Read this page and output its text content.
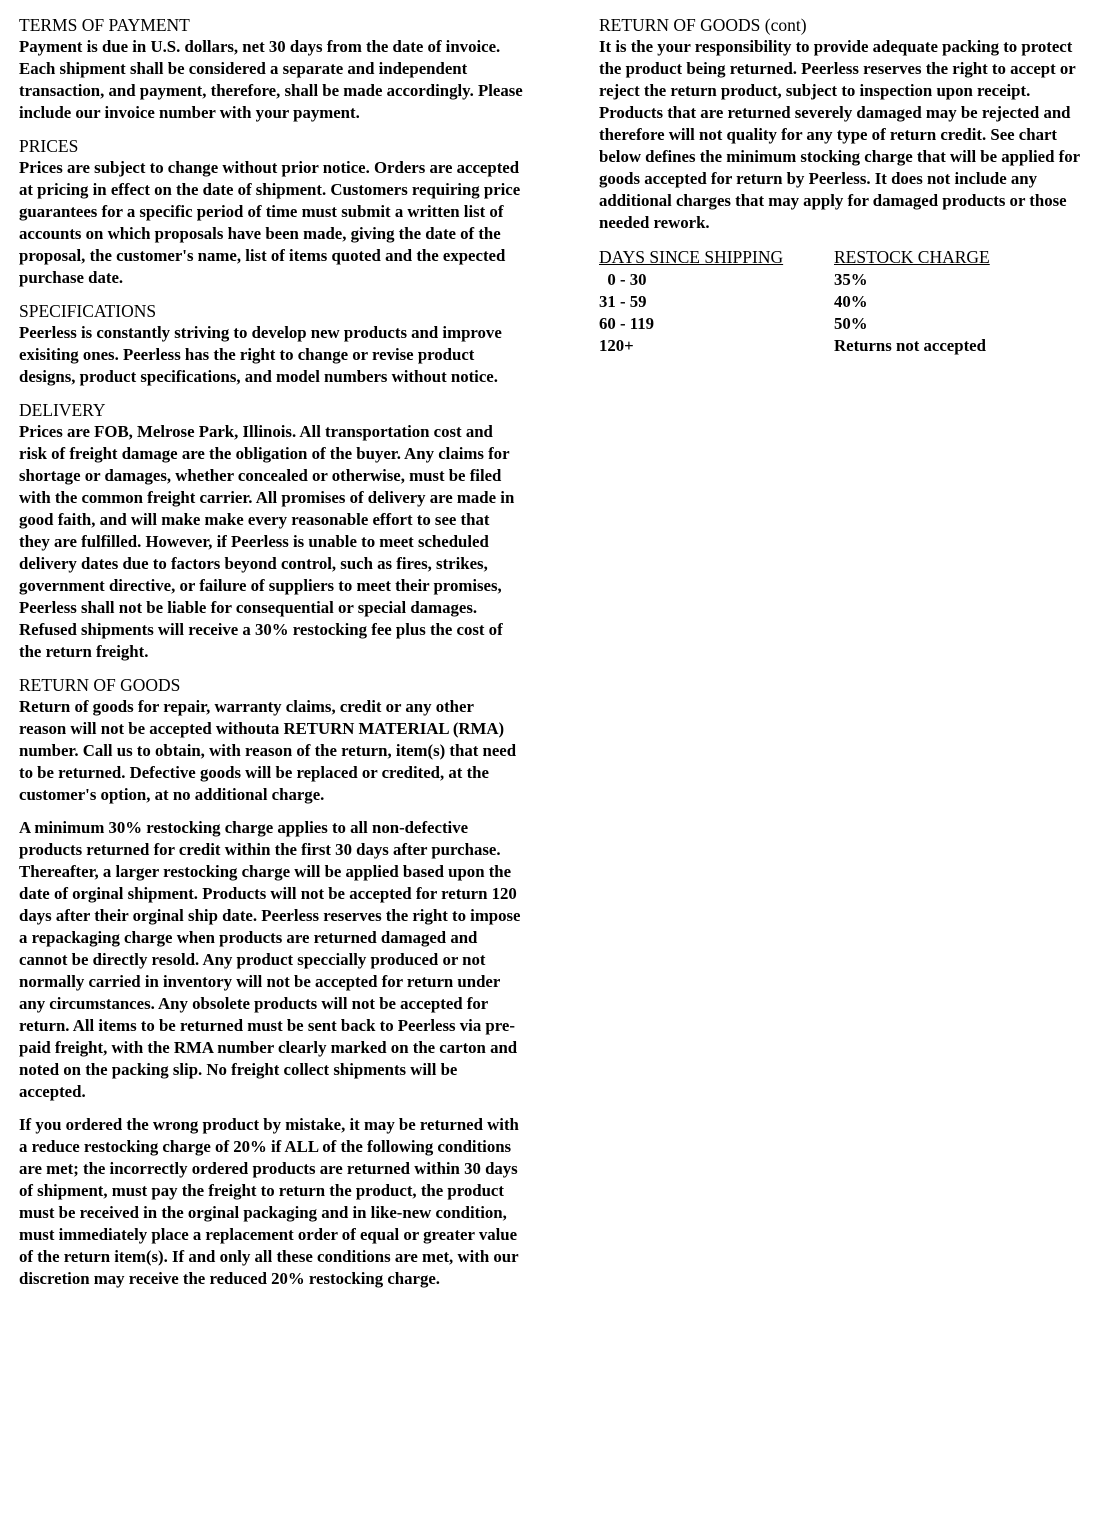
TERMS OF PAYMENT

Payment is due in U.S. dollars, net 30 days from the date of invoice. Each shipment shall be considered a separate and independent transaction, and payment, therefore, shall be made accordingly. Please include our invoice number with your payment.

PRICES

Prices are subject to change without prior notice. Orders are accepted at pricing in effect on the date of shipment. Customers requiring price guarantees for a specific period of time must submit a written list of accounts on which proposals have been made, giving the date of the proposal, the customer's name, list of items quoted and the expected purchase date.

SPECIFICATIONS

Peerless is constantly striving to develop new products and improve exisiting ones. Peerless has the right to change or revise product designs, product specifications, and model numbers without notice.

DELIVERY

Prices are FOB, Melrose Park, Illinois. All transportation cost and risk of freight damage are the obligation of the buyer. Any claims for shortage or damages, whether concealed or otherwise, must be filed with the common freight carrier. All promises of delivery are made in good faith, and will make make every reasonable effort to see that they are fulfilled. However, if Peerless is unable to meet scheduled delivery dates due to factors beyond control, such as fires, strikes, government directive, or failure of suppliers to meet their promises, Peerless shall not be liable for consequential or special damages. Refused shipments will receive a 30% restocking fee plus the cost of the return freight.

RETURN OF GOODS

Return of goods for repair, warranty claims, credit or any other reason will not be accepted withouta RETURN MATERIAL (RMA) number. Call us to obtain, with reason of the return, item(s) that need to be returned. Defective goods will be replaced or credited, at the customer's option, at no additional charge.

A minimum 30% restocking charge applies to all non-defective products returned for credit within the first 30 days after purchase. Thereafter, a larger restocking charge will be applied based upon the date of orginal shipment. Products will not be accepted for return 120 days after their orginal ship date. Peerless reserves the right to impose a repackaging charge when products are returned damaged and cannot be directly resold. Any product speccially produced or not normally carried in inventory will not be accepted for return under any circumstances. Any obsolete products will not be accepted for return. All items to be returned must be sent back to Peerless via pre-paid freight, with the RMA number clearly marked on the carton and noted on the packing slip. No freight collect shipments will be accepted.

If you ordered the wrong product by mistake, it may be returned with a reduce restocking charge of 20% if ALL of the following conditions are met; the incorrectly ordered products are returned within 30 days of shipment, must pay the freight to return the product, the product must be received in the orginal packaging and in like-new condition, must immediately place a replacement order of equal or greater value of the return item(s). If and only all these conditions are met, with our discretion may receive the reduced 20% restocking charge.

RETURN OF GOODS (cont)

It is the your responsibility to provide adequate packing to protect the product being returned. Peerless reserves the right to accept or reject the return product, subject to inspection upon receipt. Products that are returned severely damaged may be rejected and therefore will not quality for any type of return credit. See chart below defines the minimum stocking charge that will be applied for goods accepted for return by Peerless. It does not include any additional charges that may apply for damaged products or those needed rework.

DAYS SINCE SHIPPING	RESTOCK CHARGE
0 - 30	35%
31 - 59	40%
60 - 119	50%
120+	Returns not accepted
